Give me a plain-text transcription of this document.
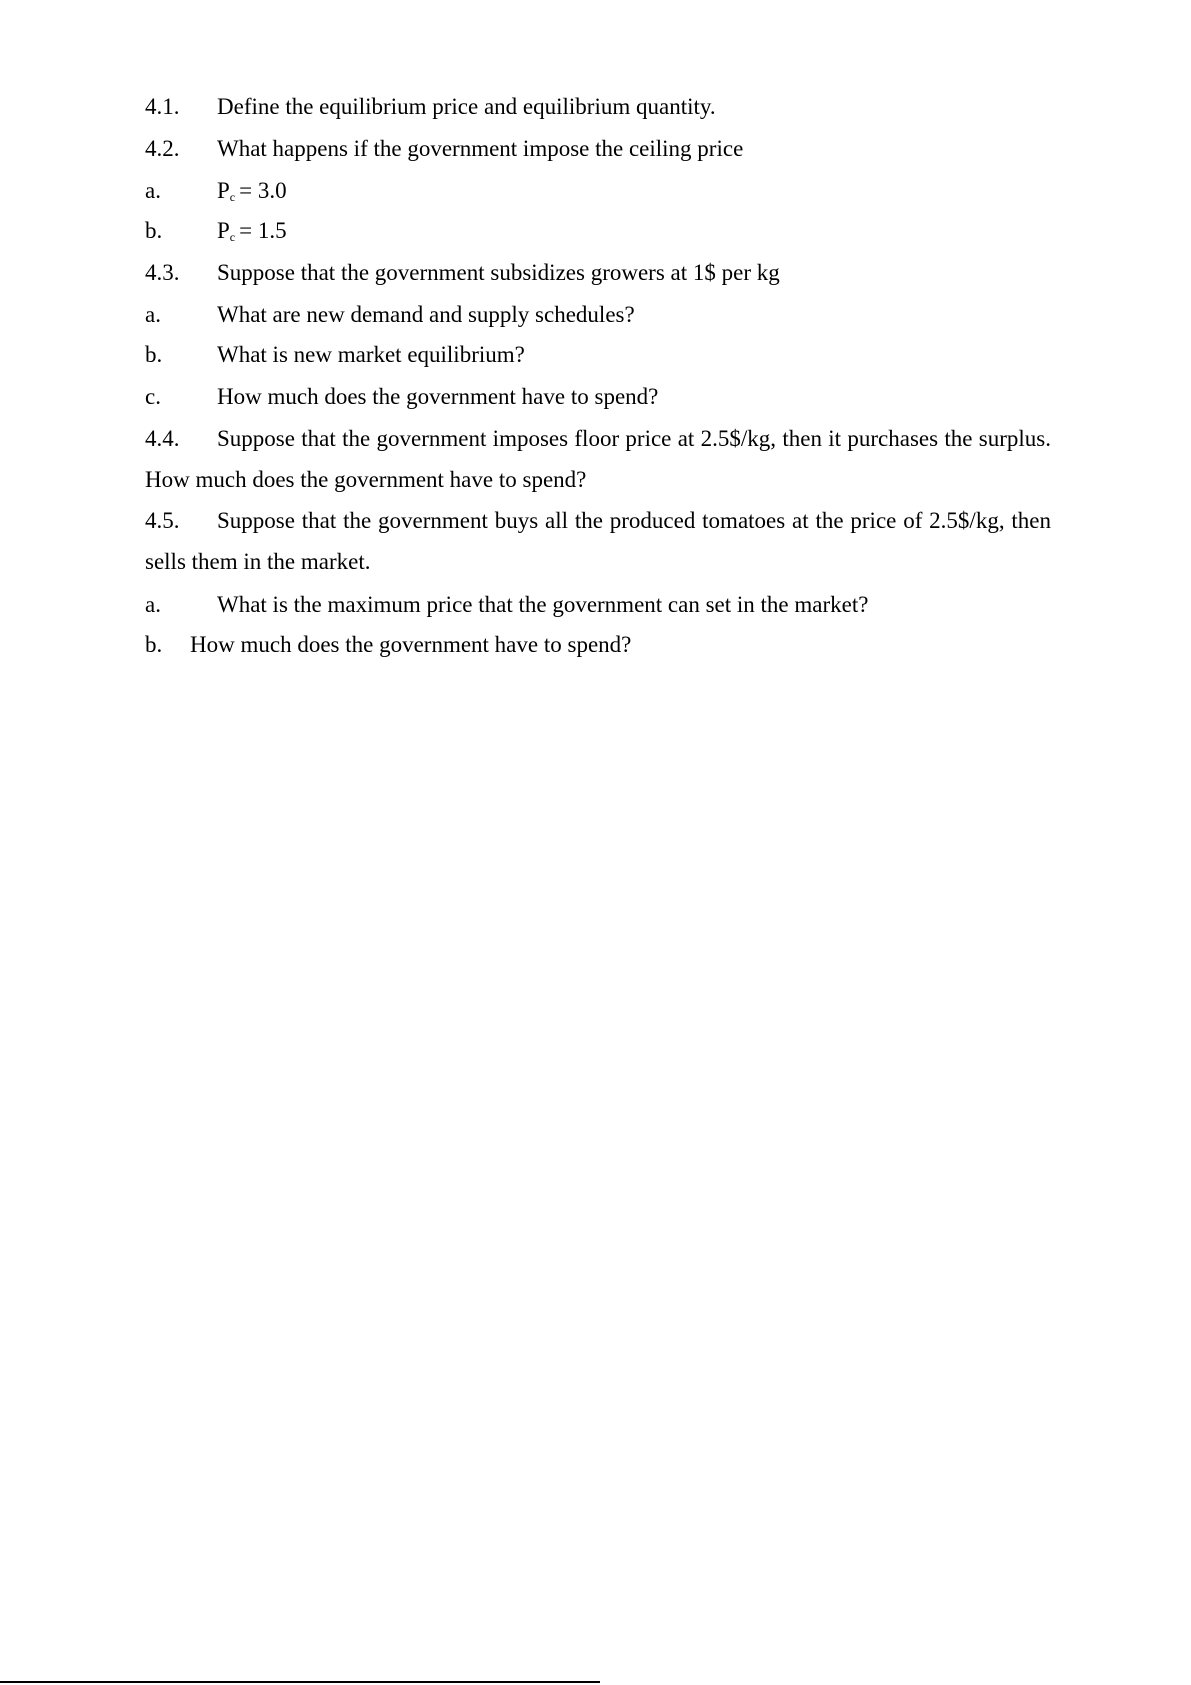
4.1. Define the equilibrium price and equilibrium quantity.
4.2. What happens if the government impose the ceiling price
a. $P_c = 3.0$
b. $P_c = 1.5$
4.3. Suppose that the government subsidizes growers at 1$ per kg
a. What are new demand and supply schedules?
b. What is new market equilibrium?
c. How much does the government have to spend?
4.4. Suppose that the government imposes floor price at 2.5$/kg, then it purchases the surplus. How much does the government have to spend?
4.5. Suppose that the government buys all the produced tomatoes at the price of 2.5$/kg, then sells them in the market.
a. What is the maximum price that the government can set in the market?
b. How much does the government have to spend?
